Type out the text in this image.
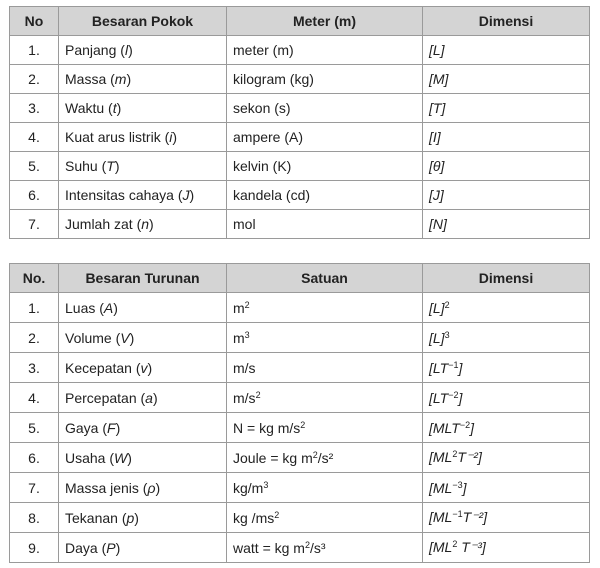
No	Besaran Pokok	Meter (m)	Dimensi
1.	Panjang (l)	meter (m)	[L]
2.	Massa (m)	kilogram (kg)	[M]
3.	Waktu (t)	sekon (s)	[T]
4.	Kuat arus listrik (i)	ampere (A)	[I]
5.	Suhu (T)	kelvin (K)	[θ]
6.	Intensitas cahaya (J)	kandela (cd)	[J]
7.	Jumlah zat (n)	mol	[N]
No.	Besaran Turunan	Satuan	Dimensi
1.	Luas (A)	$m^2$	$[L]^2$
2.	Volume (V)	$m^3$	$[L]^3$
3.	Kecepatan (v)	m/s	$[LT^{-1}]$
4.	Percepatan (a)	$m/s^2$	$[LT^{-2}]$
5.	Gaya (F)	N = kg $m/s^2$	$[MLT^{-2}]$
6.	Usaha (W)	Joule = kg $m^2/s^2$	$[ML^2T^{-2}]$
7.	Massa jenis (ρ)	$kg/m^3$	$[ML^{-3}]$
8.	Tekanan (p)	kg $/ms^2$	$[ML^{-1}T^{-2}]$
9.	Daya (P)	watt = kg $m^2/s^3$	[$ML^2$ T⁻³]
